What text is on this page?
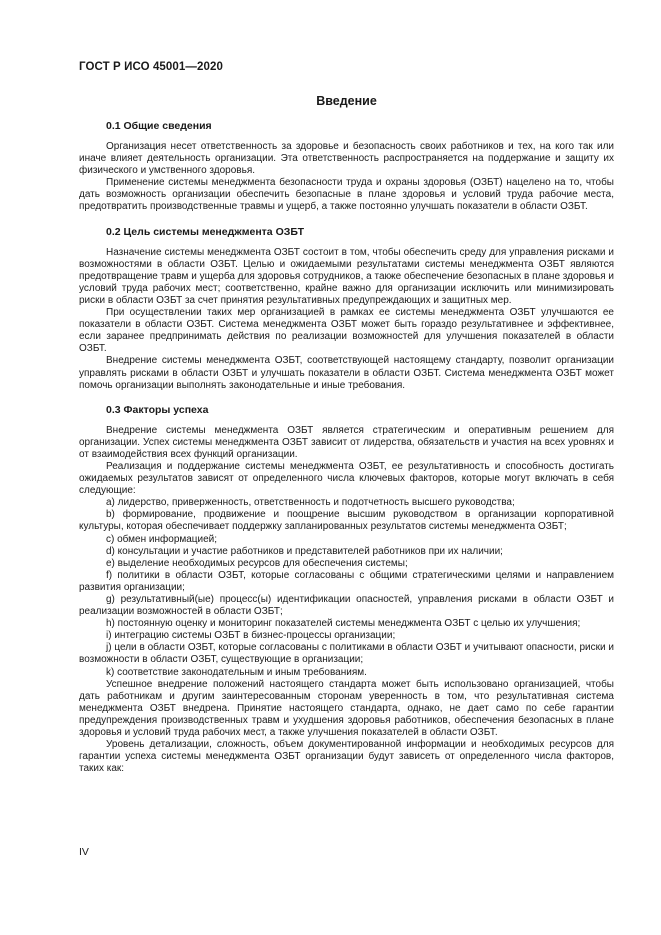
ГОСТ Р ИСО 45001—2020
Введение
0.1 Общие сведения

Организация несет ответственность за здоровье и безопасность своих работников и тех, на кого так или иначе влияет деятельность организации. Эта ответственность распространяется на поддержание и защиту их физического и умственного здоровья.

Применение системы менеджмента безопасности труда и охраны здоровья (ОЗБТ) нацелено на то, чтобы дать возможность организации обеспечить безопасные в плане здоровья и условий труда рабочие места, предотвратить производственные травмы и ущерб, а также постоянно улучшать показатели в области ОЗБТ.

0.2 Цель системы менеджмента ОЗБТ

Назначение системы менеджмента ОЗБТ состоит в том, чтобы обеспечить среду для управления рисками и возможностями в области ОЗБТ. Целью и ожидаемыми результатами системы менеджмента ОЗБТ являются предотвращение травм и ущерба для здоровья сотрудников, а также обеспечение безопасных в плане здоровья и условий труда рабочих мест; соответственно, крайне важно для организации исключить или минимизировать риски в области ОЗБТ за счет принятия результативных предупреждающих и защитных мер.

При осуществлении таких мер организацией в рамках ее системы менеджмента ОЗБТ улучшаются ее показатели в области ОЗБТ. Система менеджмента ОЗБТ может быть гораздо результативнее и эффективнее, если заранее предпринимать действия по реализации возможностей для улучшения показателей в области ОЗБТ.

Внедрение системы менеджмента ОЗБТ, соответствующей настоящему стандарту, позволит организации управлять рисками в области ОЗБТ и улучшать показатели в области ОЗБТ. Система менеджмента ОЗБТ может помочь организации выполнять законодательные и иные требования.

0.3 Факторы успеха

Внедрение системы менеджмента ОЗБТ является стратегическим и оперативным решением для организации. Успех системы менеджмента ОЗБТ зависит от лидерства, обязательств и участия на всех уровнях и от взаимодействия всех функций организации.

Реализация и поддержание системы менеджмента ОЗБТ, ее результативность и способность достигать ожидаемых результатов зависят от определенного числа ключевых факторов, которые могут включать в себя следующие:

a) лидерство, приверженность, ответственность и подотчетность высшего руководства;

b) формирование, продвижение и поощрение высшим руководством в организации корпоративной культуры, которая обеспечивает поддержку запланированных результатов системы менеджмента ОЗБТ;

c) обмен информацией;

d) консультации и участие работников и представителей работников при их наличии;

e) выделение необходимых ресурсов для обеспечения системы;

f) политики в области ОЗБТ, которые согласованы с общими стратегическими целями и направлением развития организации;

g) результативный(ые) процесс(ы) идентификации опасностей, управления рисками в области ОЗБТ и реализации возможностей в области ОЗБТ;

h) постоянную оценку и мониторинг показателей системы менеджмента ОЗБТ с целью их улучшения;

i) интеграцию системы ОЗБТ в бизнес-процессы организации;

j) цели в области ОЗБТ, которые согласованы с политиками в области ОЗБТ и учитывают опасности, риски и возможности в области ОЗБТ, существующие в организации;

k) соответствие законодательным и иным требованиям.

Успешное внедрение положений настоящего стандарта может быть использовано организацией, чтобы дать работникам и другим заинтересованным сторонам уверенность в том, что результативная система менеджмента ОЗБТ внедрена. Принятие настоящего стандарта, однако, не дает само по себе гарантии предупреждения производственных травм и ухудшения здоровья работников, обеспечения безопасных в плане здоровья и условий труда рабочих мест, а также улучшения показателей в области ОЗБТ.

Уровень детализации, сложность, объем документированной информации и необходимых ресурсов для гарантии успеха системы менеджмента ОЗБТ организации будут зависеть от определенного числа факторов, таких как:

IV
